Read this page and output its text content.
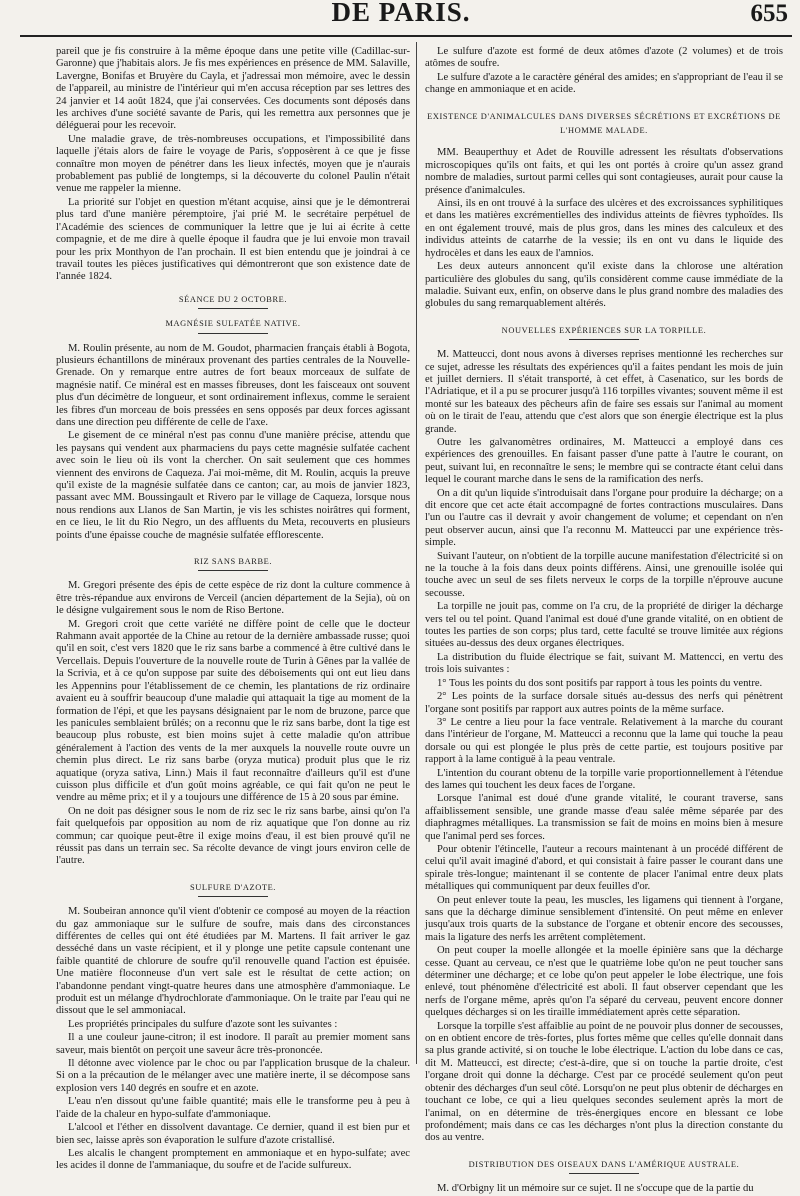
DE PARIS.	655

pareil que je fis construire à la même époque dans une petite ville (Cadillac-sur-Garonne) que j'habitais alors. Je fis mes expériences en présence de MM. Salaville, Lavergne, Bonifas et Bruyère du Cayla, et j'adressai mon mémoire, avec le dessin de l'appareil, au ministre de l'intérieur qui m'en accusa réception par ses lettres des 24 janvier et 14 août 1824, que j'ai conservées. Ces documents sont déposés dans les archives d'une société savante de Paris, qui les remettra aux personnes que je déléguerai pour les recevoir.

Une maladie grave, de très-nombreuses occupations, et l'impossibilité dans laquelle j'étais alors de faire le voyage de Paris, s'opposèrent à ce que je fisse connaître mon moyen de pénétrer dans les lieux infectés, moyen que je n'aurais probablement pas publié de longtemps, si la découverte du colonel Paulin n'était venue me rappeler la mienne.

La priorité sur l'objet en question m'étant acquise, ainsi que je le démontrerai plus tard d'une manière péremptoire, j'ai prié M. le secrétaire perpétuel de l'Académie des sciences de communiquer la lettre que je lui ai écrite à cette compagnie, et de me dire à quelle époque il faudra que je lui envoie mon travail pour les prix Monthyon de l'an prochain. Il est bien entendu que je joindrai à ce travail toutes les pièces justificatives qui démontreront que son existence date de l'année 1824.

SÉANCE DU 2 OCTOBRE.
MAGNÉSIE SULFATÉE NATIVE.

M. Roulin présente, au nom de M. Goudot, pharmacien français établi à Bogota, plusieurs échantillons de minéraux provenant des parties centrales de la Nouvelle-Grenade. On y remarque entre autres de fort beaux morceaux de sulfate de magnésie natif. Ce minéral est en masses fibreuses, dont les faisceaux ont souvent plus d'un décimètre de longueur, et sont ordinairement inflexus, comme le seraient les fibres d'un morceau de bois pressées en sens opposés par deux forces agissant dans une direction peu différente de celle de l'axe.

Le gisement de ce minéral n'est pas connu d'une manière précise, attendu que les paysans qui vendent aux pharmaciens du pays cette magnésie sulfatée cachent avec soin le lieu où ils vont la chercher. On sait seulement que ces hommes viennent des environs de Caqueza. J'ai moi-même, dit M. Roulin, acquis la preuve qu'il existe de la magnésie sulfatée dans ce canton; car, au mois de janvier 1823, passant avec MM. Boussingault et Rivero par le village de Caqueza, lorsque nous nous rendions aux Llanos de San Martin, je vis les schistes noirâtres qui forment, en ce lieu, le lit du Rio Negro, un des affluents du Meta, recouverts en plusieurs points d'une épaisse couche de magnésie sulfatée efflorescente.

RIZ SANS BARBE.

M. Gregori présente des épis de cette espèce de riz dont la culture commence à être très-répandue aux environs de Verceil (ancien département de la Sejia), où on le désigne vulgairement sous le nom de Riso Bertone.

M. Gregori croit que cette variété ne diffère point de celle que le docteur Rahmann avait apportée de la Chine au retour de la dernière ambassade russe; quoi qu'il en soit, c'est vers 1820 que le riz sans barbe a commencé à être cultivé dans le Vercellais. Depuis l'ouverture de la nouvelle route de Turin à Gênes par la vallée de la Scrivia, et à ce qu'on suppose par suite des déboisements qui ont eut lieu dans les Appennins pour l'établissement de ce chemin, les plantations de riz ordinaire avaient eu à souffrir beaucoup d'une maladie qui attaquait la tige au moment de la formation de l'épi, et que les paysans désignaient par le nom de bruzone, parce que les panicules semblaient brûlés; on a reconnu que le riz sans barbe, dont la tige est beaucoup plus robuste, est bien moins sujet à cette maladie qu'on attribue généralement à l'action des vents de la mer auxquels la nouvelle route ouvre un chemin plus direct. Le riz sans barbe (oryza mutica) produit plus que le riz aquatique (oryza sativa, Linn.) Mais il faut reconnaître d'ailleurs qu'il est d'une cuisson plus difficile et d'un goût moins agréable, ce qui fait qu'on ne peut le vendre au même prix; et il y a toujours une différence de 15 à 20 sous par émine.

On ne doit pas désigner sous le nom de riz sec le riz sans barbe, ainsi qu'on l'a fait quelquefois par opposition au nom de riz aquatique que l'on donne au riz commun; car quoique peut-être il exige moins d'eau, il est bien prouvé qu'il ne réussit pas dans un terrain sec. Sa récolte devance de vingt jours environ celle de l'autre.

SULFURE D'AZOTE.

M. Soubeiran annonce qu'il vient d'obtenir ce composé au moyen de la réaction du gaz ammoniaque sur le sulfure de soufre, mais dans des circonstances différentes de celles qui ont été étudiées par M. Martens. Il fait arriver le gaz desséché dans un vaste récipient, et il y plonge une petite capsule contenant une faible quantité de chlorure de soufre qu'il renouvelle quand l'action est épuisée. Une matière floconneuse d'un vert sale est le résultat de cette action; on l'abandonne pendant vingt-quatre heures dans une atmosphère d'ammoniaque. Le produit est un mélange d'hydrochlorate d'ammoniaque. On le traite par l'eau qui ne dissout que le sel ammoniacal.

Les propriétés principales du sulfure d'azote sont les suivantes :

Il a une couleur jaune-citron; il est inodore. Il paraît au premier moment sans saveur, mais bientôt on perçoit une saveur âcre très-prononcée.

Il détonne avec violence par le choc ou par l'application brusque de la chaleur. Si on a la précaution de le mélanger avec une matière inerte, il se décompose sans explosion vers 140 degrés en soufre et en azote.

L'eau n'en dissout qu'une faible quantité; mais elle le transforme peu à peu à l'aide de la chaleur en hypo-sulfate d'ammoniaque.

L'alcool et l'éther en dissolvent davantage. Ce dernier, quand il est bien pur et bien sec, laisse après son évaporation le sulfure d'azote cristallisé.

Les alcalis le changent promptement en ammoniaque et en hypo-sulfate; avec les acides il donne de l'ammaniaque, du soufre et de l'acide sulfureux.

Le sulfure d'azote est formé de deux atômes d'azote (2 volumes) et de trois atômes de soufre.

Le sulfure d'azote a le caractère général des amides; en s'appropriant de l'eau il se change en ammoniaque et en acide.

EXISTENCE D'ANIMALCULES DANS DIVERSES SÉCRÉTIONS ET EXCRÉTIONS DE
L'HOMME MALADE.

MM. Beauperthuy et Adet de Rouville adressent les résultats d'observations microscopiques qu'ils ont faits, et qui les ont portés à croire qu'un assez grand nombre de maladies, surtout parmi celles qui sont contagieuses, aurait pour cause la présence d'animalcules.

Ainsi, ils en ont trouvé à la surface des ulcères et des excroissances syphilitiques et dans les matières excrémentielles des individus atteints de fièvres typhoïdes. Ils en ont également trouvé, mais de plus gros, dans les mines des calculeux et des individus atteints de catarrhe de la vessie; ils en ont vu dans le liquide des hydrocèles et dans les eaux de l'amnios.

Les deux auteurs annoncent qu'il existe dans la chlorose une altération particulière des globules du sang, qu'ils considèrent comme cause immédiate de la maladie. Suivant eux, enfin, on observe dans le plus grand nombre des maladies des globules du sang remarquablement altérés.

NOUVELLES EXPÉRIENCES SUR LA TORPILLE.

M. Matteucci, dont nous avons à diverses reprises mentionné les recherches sur ce sujet, adresse les résultats des expériences qu'il a faites pendant les mois de juin et juillet derniers. Il s'était transporté, à cet effet, à Casenatico, sur les bords de l'Adriatique, et il a pu se procurer jusqu'à 116 torpilles vivantes; souvent même il est monté sur les bateaux des pêcheurs afin de faire ses essais sur l'animal au moment où on le tirait de l'eau, attendu que c'est alors que son énergie électrique est la plus grande.

Outre les galvanomètres ordinaires, M. Matteucci a employé dans ces expériences des grenouilles. En faisant passer d'une patte à l'autre le courant, on peut, suivant lui, en reconnaître le sens; le membre qui se contracte étant celui dans lequel le courant marche dans le sens de la ramification des nerfs.

On a dit qu'un liquide s'introduisait dans l'organe pour produire la décharge; on a dit encore que cet acte était accompagné de fortes contractions musculaires. Dans l'un ou l'autre cas il devrait y avoir changement de volume; et cependant on n'en peut observer aucun, ainsi que l'a reconnu M. Matteucci par une expérience très-simple.

Suivant l'auteur, on n'obtient de la torpille aucune manifestation d'électricité si on ne la touche à la fois dans deux points différens. Ainsi, une grenouille isolée qui touche avec un seul de ses filets nerveux le corps de la torpille n'éprouve aucune secousse.

La torpille ne jouit pas, comme on l'a cru, de la propriété de diriger la décharge vers tel ou tel point. Quand l'animal est doué d'une grande vitalité, on en obtient de toutes les parties de son corps; plus tard, cette faculté se trouve limitée aux régions situées au-dessus des deux organes électriques.

La distribution du fluide électrique se fait, suivant M. Mattencci, en vertu des trois lois suivantes :

1° Tous les points du dos sont positifs par rapport à tous les points du ventre.

2° Les points de la surface dorsale situés au-dessus des nerfs qui pénètrent l'organe sont positifs par rapport aux autres points de la même surface.

3° Le centre a lieu pour la face ventrale. Relativement à la marche du courant dans l'intérieur de l'organe, M. Matteucci a reconnu que la lame qui touche la peau dorsale ou qui est plongée le plus près de cette partie, est toujours positive par rapport à la lame contiguë à la peau ventrale.

L'intention du courant obtenu de la torpille varie proportionnellement à l'étendue des lames qui touchent les deux faces de l'organe.

Lorsque l'animal est doué d'une grande vitalité, le courant traverse, sans affaiblissement sensible, une grande masse d'eau salée même séparée par des diaphragmes métalliques. La transmission se fait de moins en moins bien à mesure que l'animal perd ses forces.

Pour obtenir l'étincelle, l'auteur a recours maintenant à un procédé différent de celui qu'il avait imaginé d'abord, et qui consistait à faire passer le courant dans une spirale très-longue; maintenant il se contente de placer l'animal entre deux plats métalliques qui communiquent par deux feuilles d'or.

On peut enlever toute la peau, les muscles, les ligamens qui tiennent à l'organe, sans que la décharge diminue sensiblement d'intensité. On peut même en enlever jusqu'aux trois quarts de la substance de l'organe et obtenir encore des secousses, mais la ligature des nerfs les arrêtent complètement.

On peut couper la moelle allongée et la moelle épinière sans que la décharge cesse. Quant au cerveau, ce n'est que le quatrième lobe qu'on ne peut toucher sans déterminer une décharge; et ce lobe qu'on peut appeler le lobe électrique, une fois enlevé, tout phénomène d'électricité est aboli. Il faut observer cependant que les nerfs de l'organe même, après qu'on l'a séparé du cerveau, peuvent encore donner quelques décharges si on les tiraille immédiatement après cette séparation.

Lorsque la torpille s'est affaiblie au point de ne pouvoir plus donner de secousses, on en obtient encore de très-fortes, plus fortes même que celles qu'elle donnait dans sa plus grande activité, si on touche le lobe électrique. L'action du lobe dans ce cas, dit M. Matteucci, est directe; c'est-à-dire, que si on touche la partie droite, c'est l'organe droit qui donne la décharge. C'est par ce procédé seulement qu'on peut obtenir des décharges d'un seul côté. Lorsqu'on ne peut plus obtenir de décharges en touchant ce lobe, ce qui a lieu quelques secondes seulement après la mort de l'animal, on en détermine de très-énergiques encore en blessant ce lobe profondément; mais dans ce cas les décharges n'ont plus la direction constante du dos au ventre.

DISTRIBUTION DES OISEAUX DANS L'AMÉRIQUE AUSTRALE.

M. d'Orbigny lit un mémoire sur ce sujet. Il ne s'occupe que de la partie du
